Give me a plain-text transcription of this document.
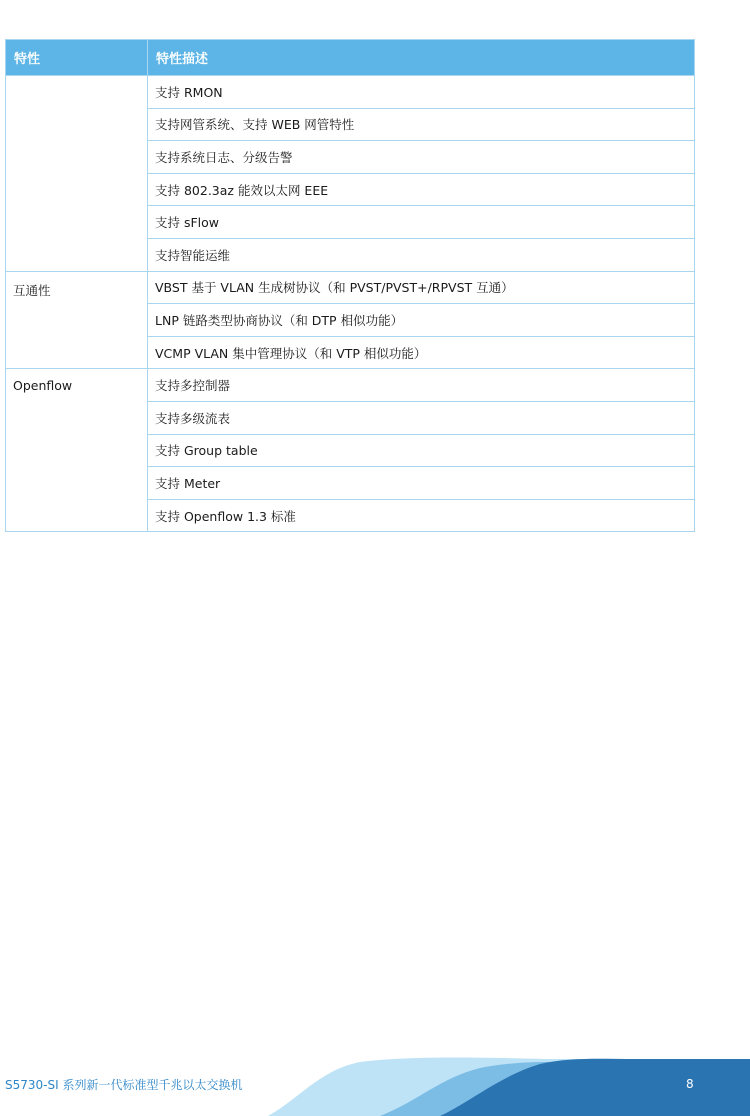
特性	特性描述
	支持 RMON
	支持网管系统、支持 WEB 网管特性
	支持系统日志、分级告警
	支持 802.3az 能效以太网 EEE
	支持 sFlow
	支持智能运维
互通性	VBST 基于 VLAN 生成树协议（和 PVST/PVST+/RPVST 互通）
	LNP 链路类型协商协议（和 DTP 相似功能）
	VCMP VLAN 集中管理协议（和 VTP 相似功能）
Openflow	支持多控制器
	支持多级流表
	支持 Group table
	支持 Meter
	支持 Openflow 1.3 标准
S5730-SI 系列新一代标准型千兆以太交换机	8
